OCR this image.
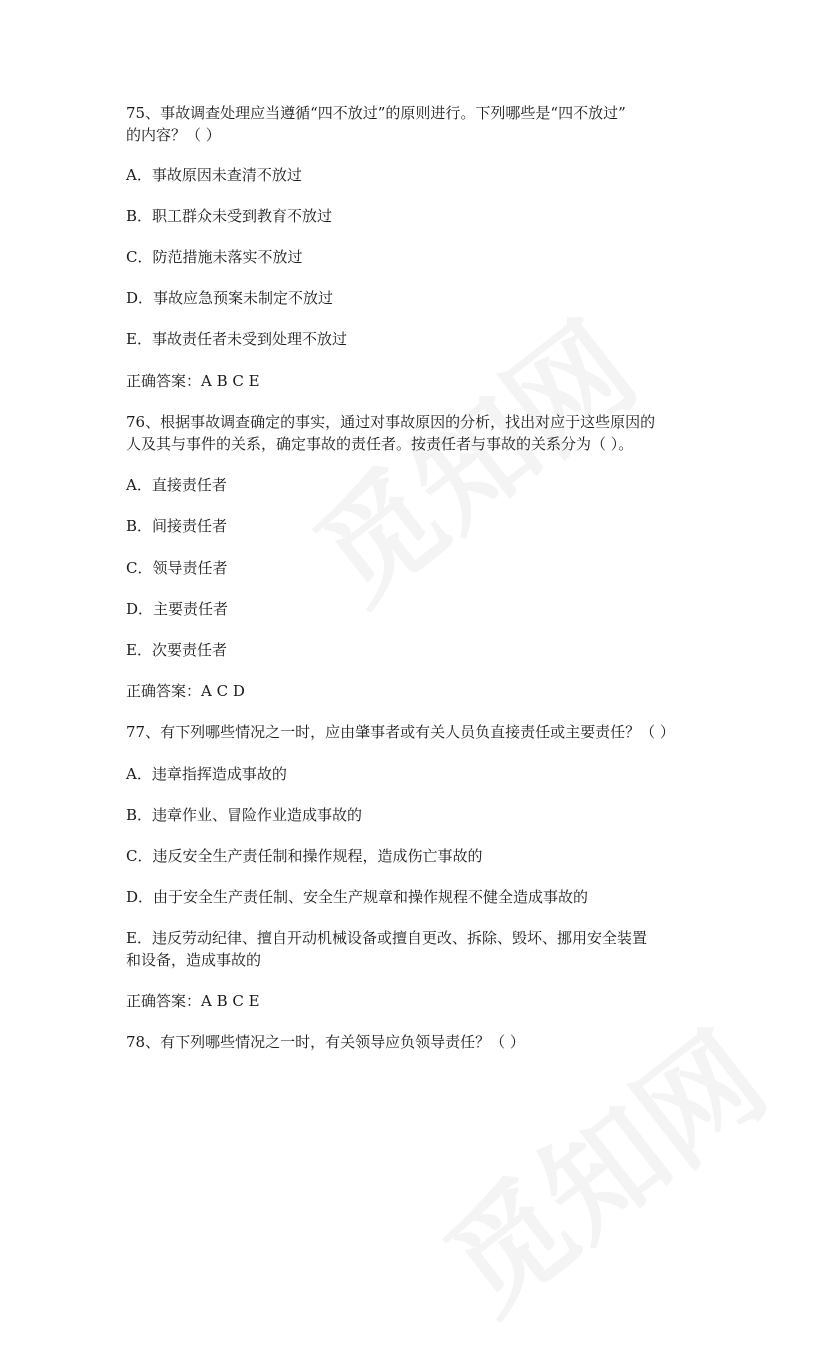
75、事故调查处理应当遵循“四不放过”的原则进行。下列哪些是“四不放过”
的内容？（ ）
A．事故原因未查清不放过
B．职工群众未受到教育不放过
C．防范措施未落实不放过
D．事故应急预案未制定不放过
E．事故责任者未受到处理不放过
正确答案：A B C E
76、根据事故调查确定的事实，通过对事故原因的分析，找出对应于这些原因的
人及其与事件的关系，确定事故的责任者。按责任者与事故的关系分为（ ）。
A．直接责任者
B．间接责任者
C．领导责任者
D．主要责任者
E．次要责任者
正确答案：A C D
77、有下列哪些情况之一时，应由肇事者或有关人员负直接责任或主要责任？（ ）
A．违章指挥造成事故的
B．违章作业、冒险作业造成事故的
C．违反安全生产责任制和操作规程，造成伤亡事故的
D．由于安全生产责任制、安全生产规章和操作规程不健全造成事故的
E．违反劳动纪律、擅自开动机械设备或擅自更改、拆除、毁坏、挪用安全装置
和设备，造成事故的
正确答案：A B C E
78、有下列哪些情况之一时，有关领导应负领导责任？（ ）
